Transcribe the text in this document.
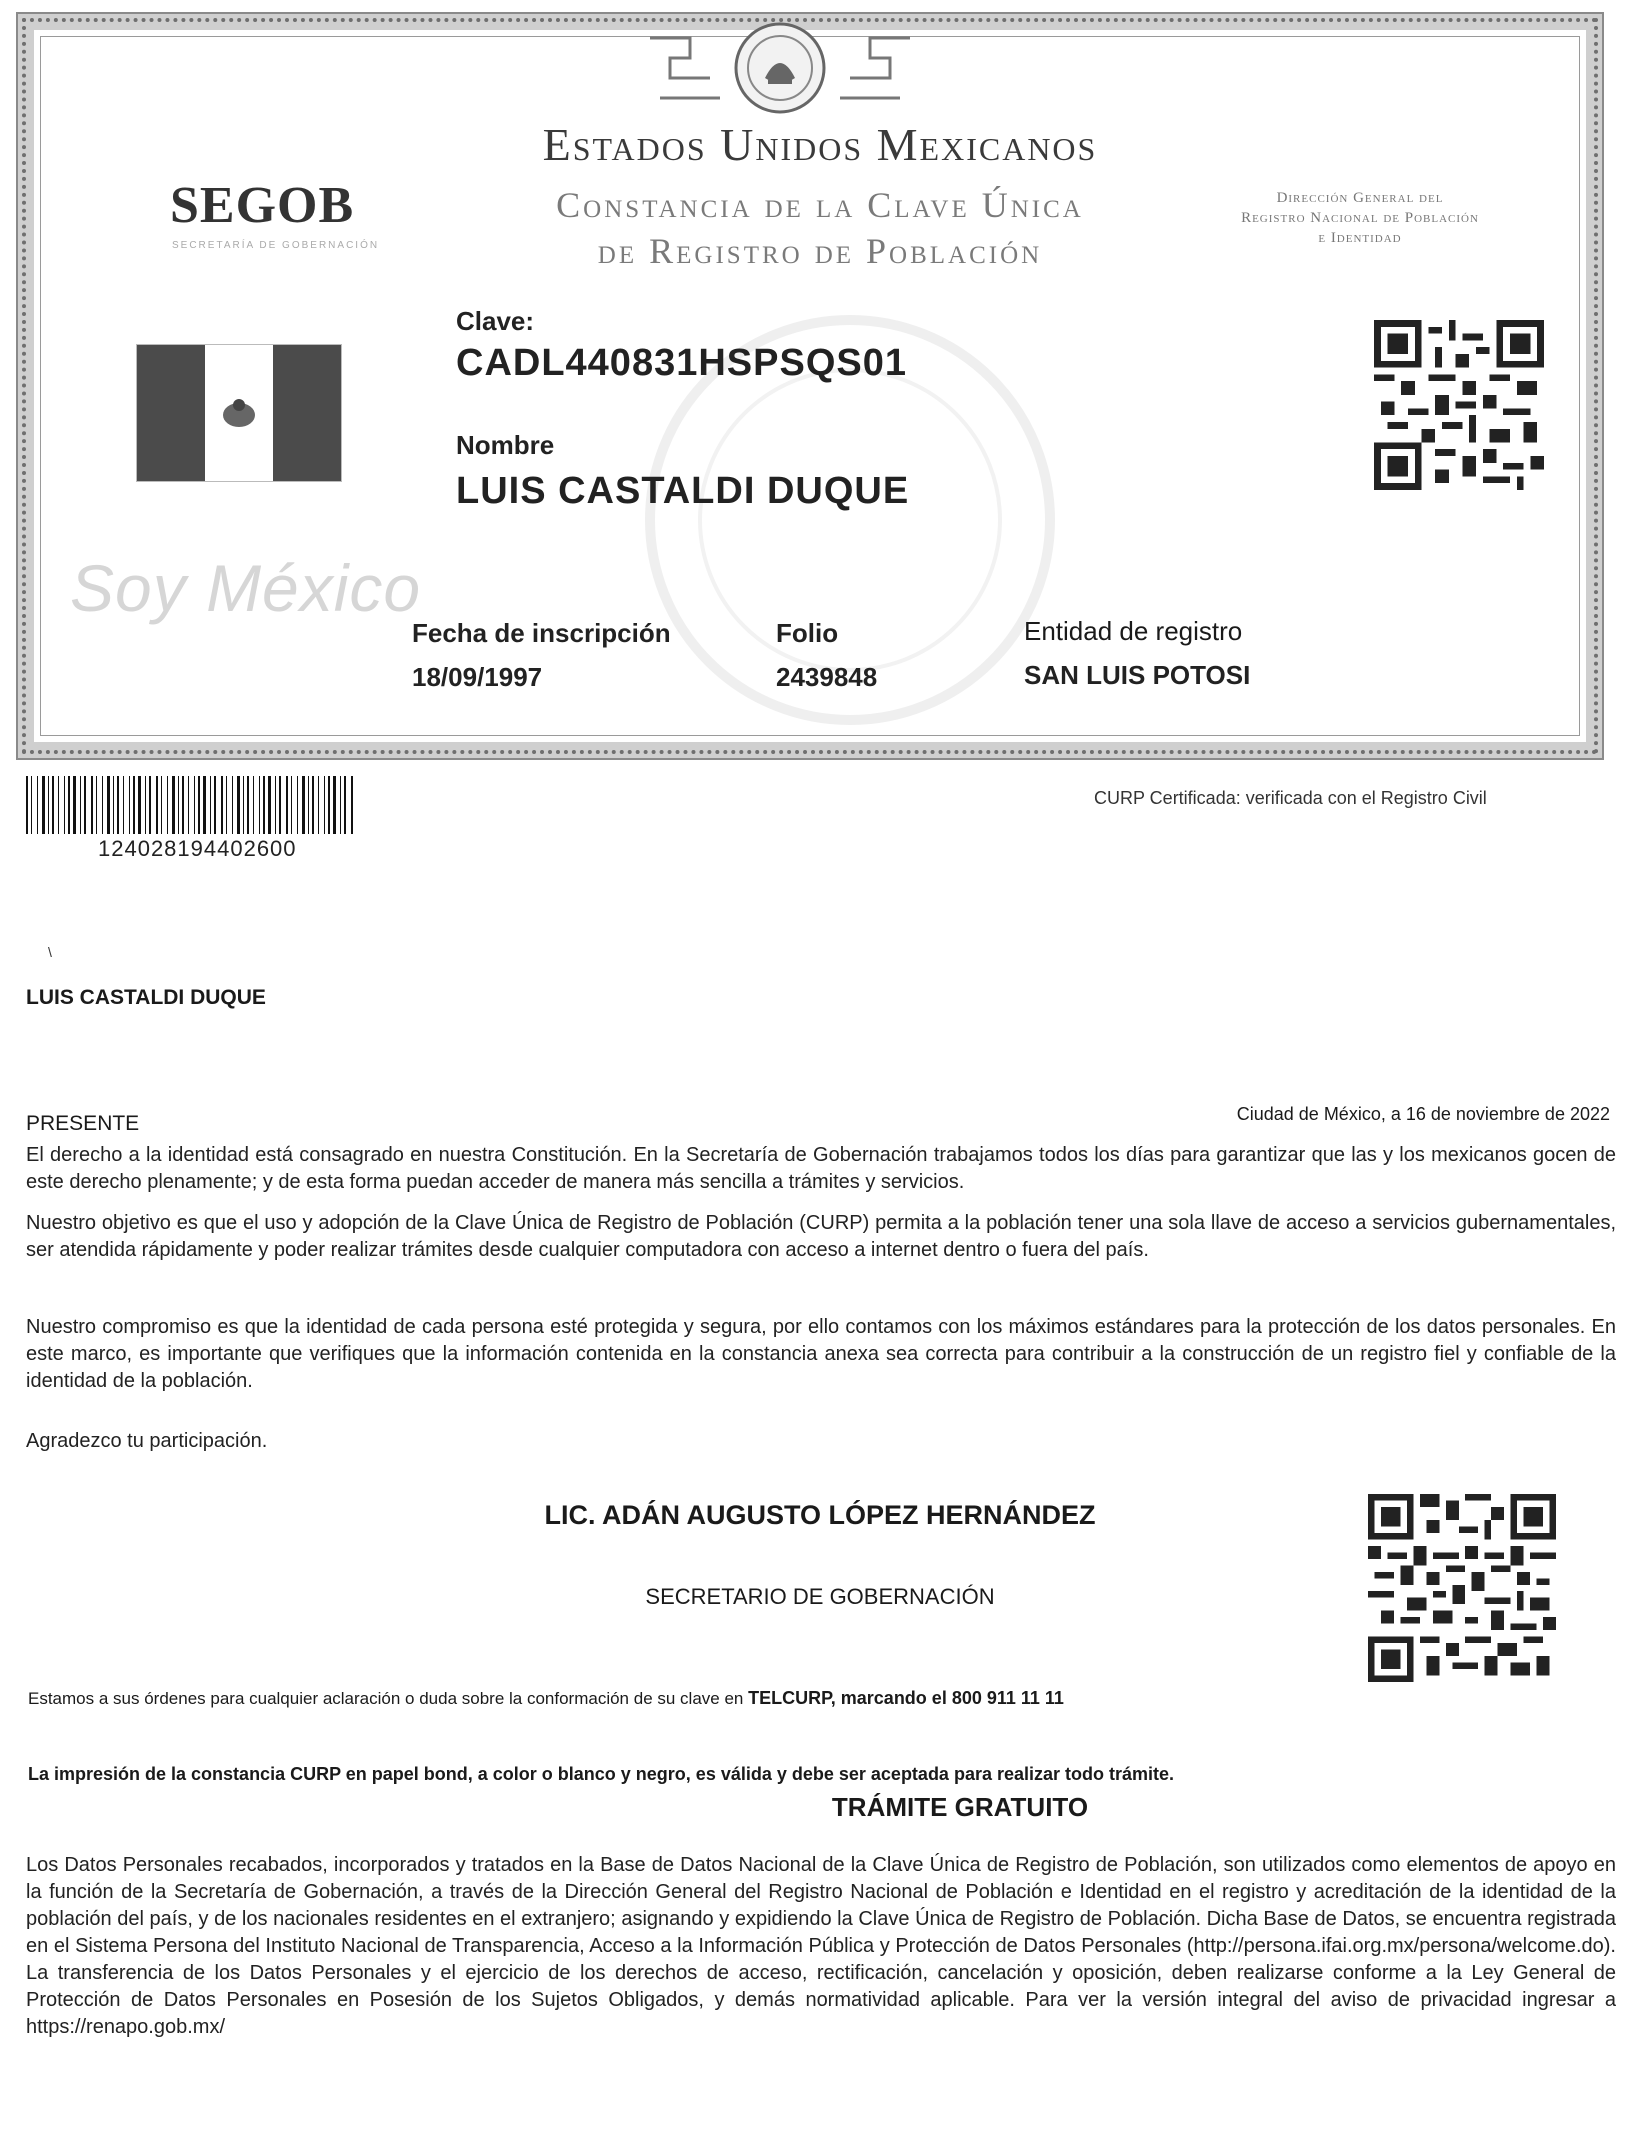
Estados Unidos Mexicanos
Constancia de la Clave Única
de Registro de Población
SEGOB
SECRETARÍA DE GOBERNACIÓN
Dirección General del
Registro Nacional de Población
e Identidad
Clave:
CADL440831HSPSQS01
Nombre
LUIS CASTALDI DUQUE
Soy México
Fecha de inscripción
18/09/1997
Folio
2439848
Entidad de registro
SAN LUIS POTOSI
124028194402600
CURP Certificada: verificada con el Registro Civil
\
LUIS CASTALDI DUQUE
PRESENTE	Ciudad de México, a 16 de noviembre de 2022
El derecho a la identidad está consagrado en nuestra Constitución. En la Secretaría de Gobernación trabajamos todos los días para garantizar que las y los mexicanos gocen de este derecho plenamente; y de esta forma puedan acceder de manera más sencilla a trámites y servicios.
Nuestro objetivo es que el uso y adopción de la Clave Única de Registro de Población (CURP) permita a la población tener una sola llave de acceso a servicios gubernamentales, ser atendida rápidamente y poder realizar trámites desde cualquier computadora con acceso a internet dentro o fuera del país.
Nuestro compromiso es que la identidad de cada persona esté protegida y segura, por ello contamos con los máximos estándares para la protección de los datos personales. En este marco, es importante que verifiques que la información contenida en la constancia anexa sea correcta para contribuir a la construcción de un registro fiel y confiable de la identidad de la población.
Agradezco tu participación.
LIC. ADÁN AUGUSTO LÓPEZ HERNÁNDEZ
SECRETARIO DE GOBERNACIÓN
Estamos a sus órdenes para cualquier aclaración o duda sobre la conformación de su clave en TELCURP, marcando el 800 911 11 11
La impresión de la constancia CURP en papel bond, a color o blanco y negro, es válida y debe ser aceptada para realizar todo trámite.
TRÁMITE GRATUITO
Los Datos Personales recabados, incorporados y tratados en la Base de Datos Nacional de la Clave Única de Registro de Población, son utilizados como elementos de apoyo en la función de la Secretaría de Gobernación, a través de la Dirección General del Registro Nacional de Población e Identidad en el registro y acreditación de la identidad de la población del país, y de los nacionales residentes en el extranjero; asignando y expidiendo la Clave Única de Registro de Población. Dicha Base de Datos, se encuentra registrada en el Sistema Persona del Instituto Nacional de Transparencia, Acceso a la Información Pública y Protección de Datos Personales (http://persona.ifai.org.mx/persona/welcome.do). La transferencia de los Datos Personales y el ejercicio de los derechos de acceso, rectificación, cancelación y oposición, deben realizarse conforme a la Ley General de Protección de Datos Personales en Posesión de los Sujetos Obligados, y demás normatividad aplicable. Para ver la versión integral del aviso de privacidad ingresar a https://renapo.gob.mx/
